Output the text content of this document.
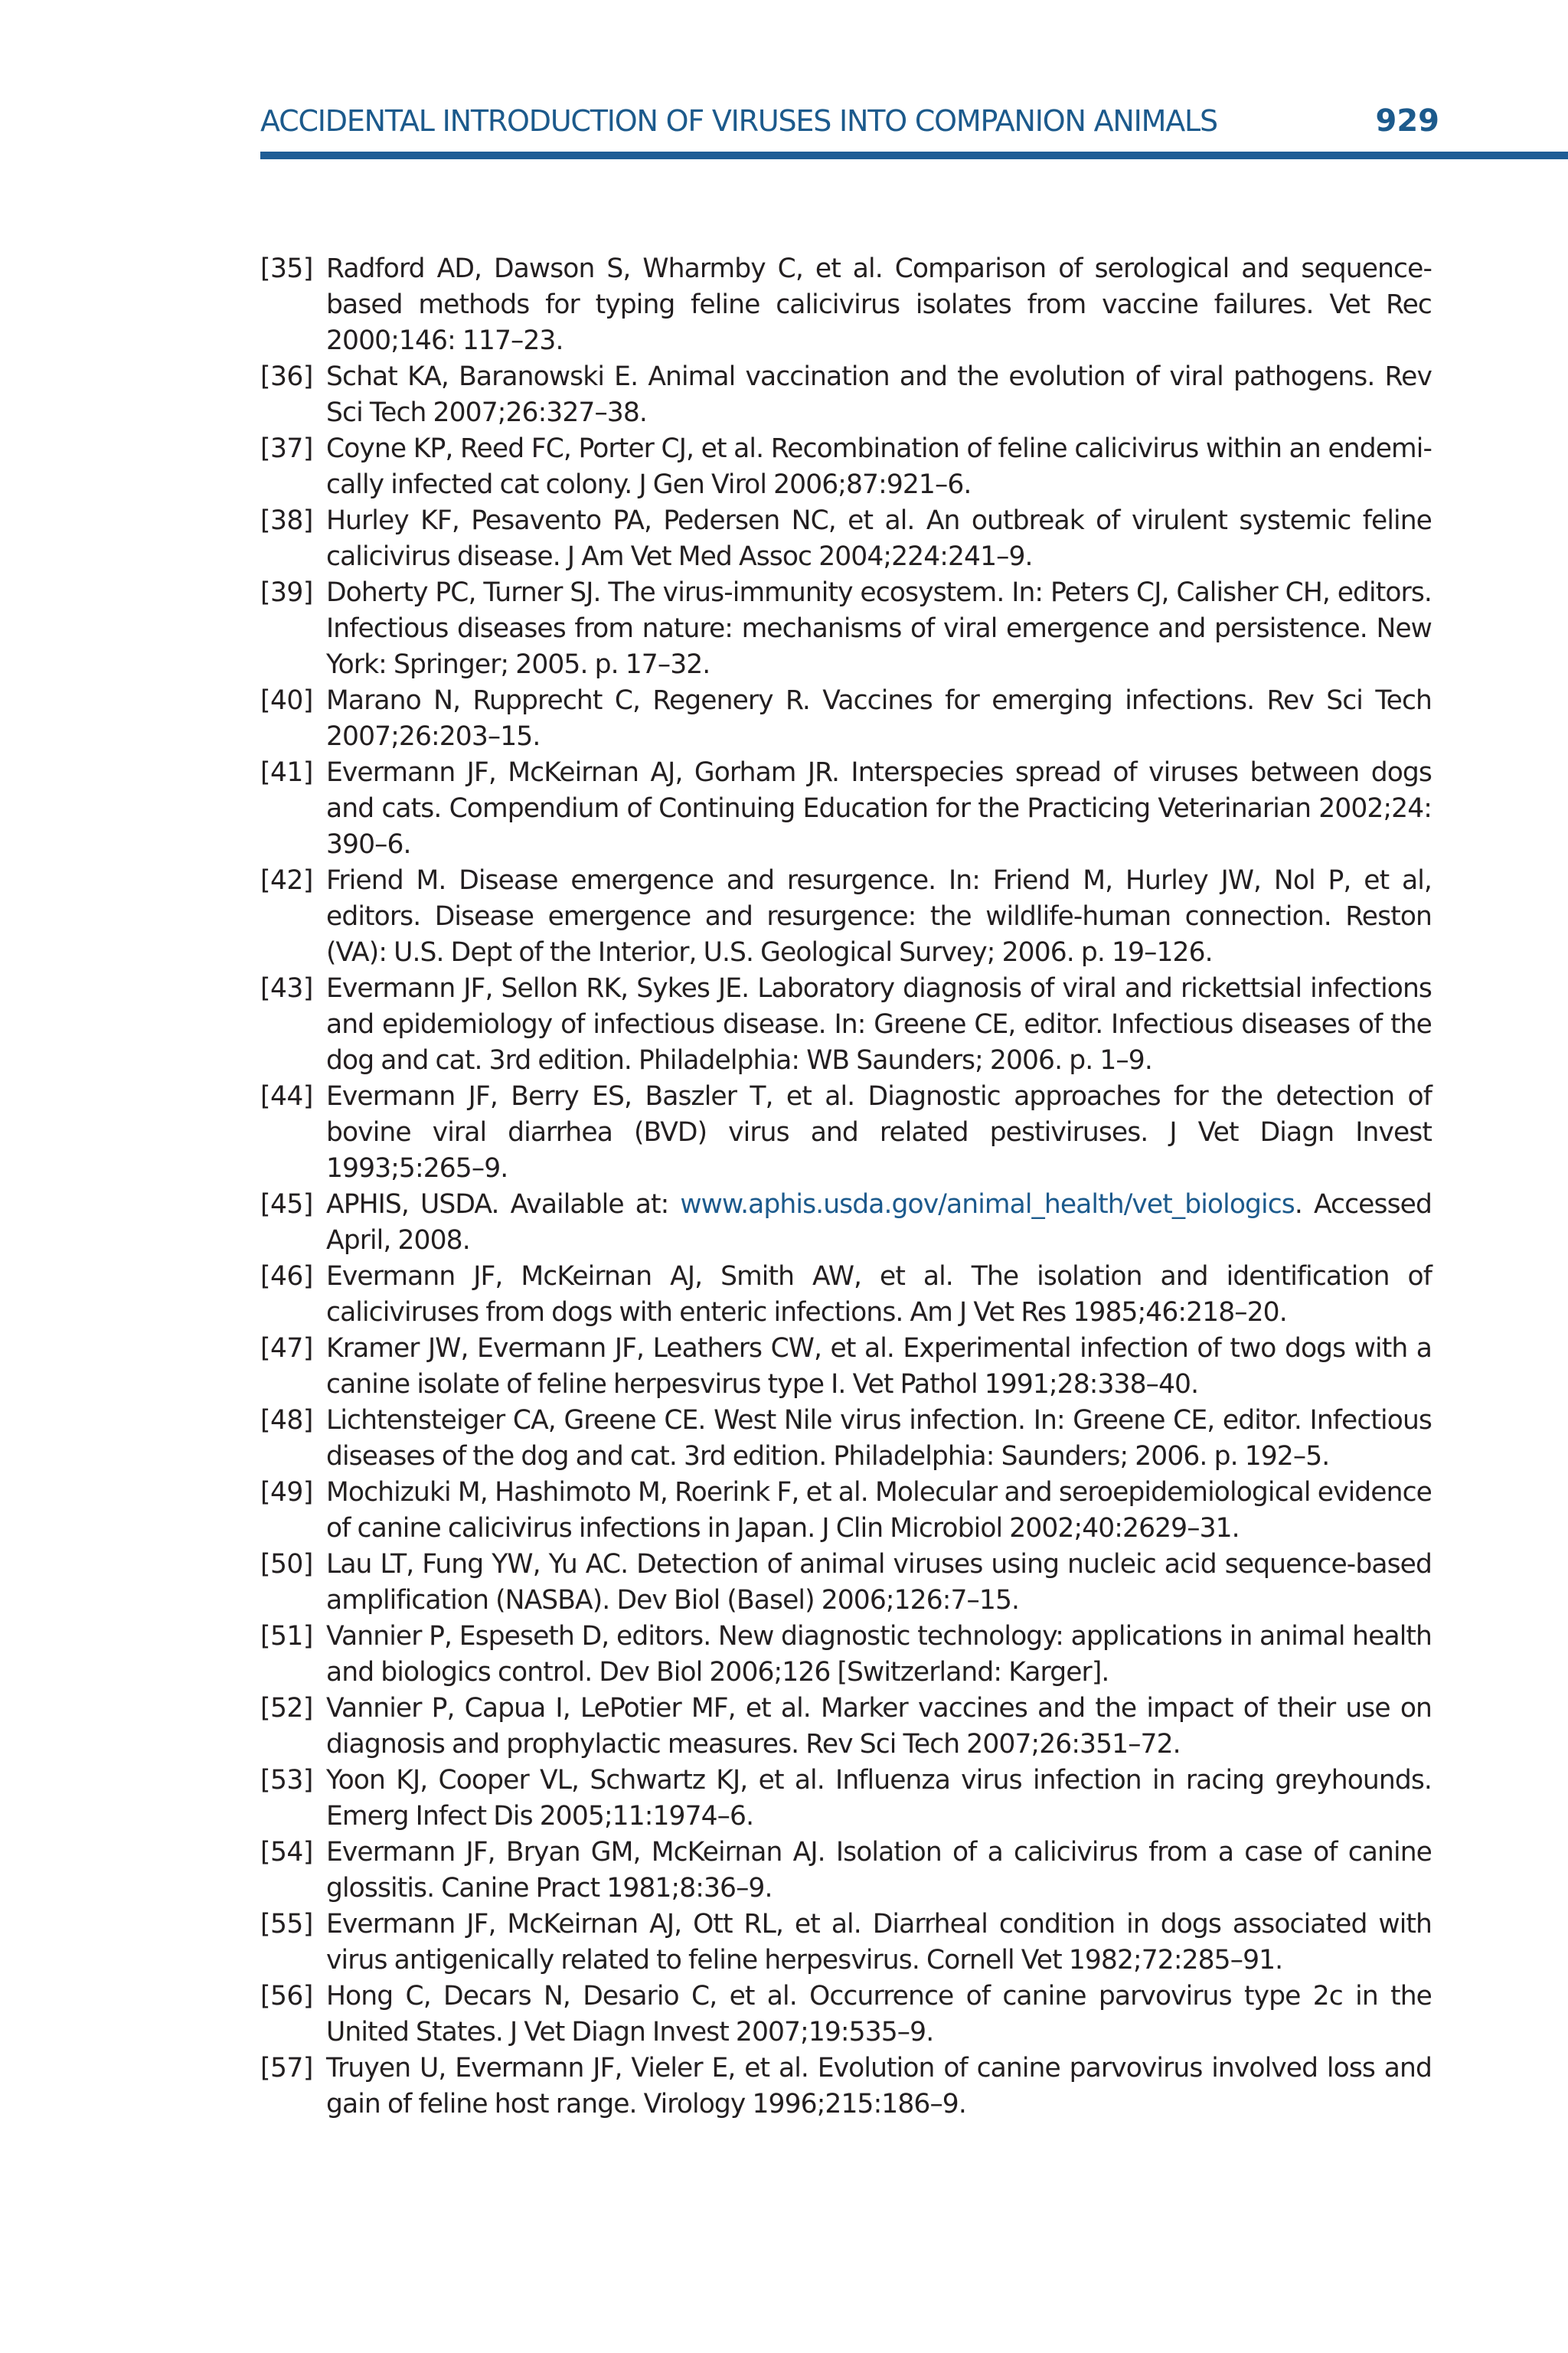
ACCIDENTAL INTRODUCTION OF VIRUSES INTO COMPANION ANIMALS	929
[35] Radford AD, Dawson S, Wharmby C, et al. Comparison of serological and sequence-based methods for typing feline calicivirus isolates from vaccine failures. Vet Rec 2000;146: 117–23.
[36] Schat KA, Baranowski E. Animal vaccination and the evolution of viral pathogens. Rev Sci Tech 2007;26:327–38.
[37] Coyne KP, Reed FC, Porter CJ, et al. Recombination of feline calicivirus within an endemi-cally infected cat colony. J Gen Virol 2006;87:921–6.
[38] Hurley KF, Pesavento PA, Pedersen NC, et al. An outbreak of virulent systemic feline calicivirus disease. J Am Vet Med Assoc 2004;224:241–9.
[39] Doherty PC, Turner SJ. The virus-immunity ecosystem. In: Peters CJ, Calisher CH, editors. Infectious diseases from nature: mechanisms of viral emergence and persistence. New York: Springer; 2005. p. 17–32.
[40] Marano N, Rupprecht C, Regenery R. Vaccines for emerging infections. Rev Sci Tech 2007;26:203–15.
[41] Evermann JF, McKeirnan AJ, Gorham JR. Interspecies spread of viruses between dogs and cats. Compendium of Continuing Education for the Practicing Veterinarian 2002;24: 390–6.
[42] Friend M. Disease emergence and resurgence. In: Friend M, Hurley JW, Nol P, et al, editors. Disease emergence and resurgence: the wildlife-human connection. Reston (VA): U.S. Dept of the Interior, U.S. Geological Survey; 2006. p. 19–126.
[43] Evermann JF, Sellon RK, Sykes JE. Laboratory diagnosis of viral and rickettsial infections and epidemiology of infectious disease. In: Greene CE, editor. Infectious diseases of the dog and cat. 3rd edition. Philadelphia: WB Saunders; 2006. p. 1–9.
[44] Evermann JF, Berry ES, Baszler T, et al. Diagnostic approaches for the detection of bovine viral diarrhea (BVD) virus and related pestiviruses. J Vet Diagn Invest 1993;5:265–9.
[45] APHIS, USDA. Available at: www.aphis.usda.gov/animal_health/vet_biologics. Accessed April, 2008.
[46] Evermann JF, McKeirnan AJ, Smith AW, et al. The isolation and identification of caliciviruses from dogs with enteric infections. Am J Vet Res 1985;46:218–20.
[47] Kramer JW, Evermann JF, Leathers CW, et al. Experimental infection of two dogs with a canine isolate of feline herpesvirus type I. Vet Pathol 1991;28:338–40.
[48] Lichtensteiger CA, Greene CE. West Nile virus infection. In: Greene CE, editor. Infectious diseases of the dog and cat. 3rd edition. Philadelphia: Saunders; 2006. p. 192–5.
[49] Mochizuki M, Hashimoto M, Roerink F, et al. Molecular and seroepidemiological evidence of canine calicivirus infections in Japan. J Clin Microbiol 2002;40:2629–31.
[50] Lau LT, Fung YW, Yu AC. Detection of animal viruses using nucleic acid sequence-based amplification (NASBA). Dev Biol (Basel) 2006;126:7–15.
[51] Vannier P, Espeseth D, editors. New diagnostic technology: applications in animal health and biologics control. Dev Biol 2006;126 [Switzerland: Karger].
[52] Vannier P, Capua I, LePotier MF, et al. Marker vaccines and the impact of their use on diagnosis and prophylactic measures. Rev Sci Tech 2007;26:351–72.
[53] Yoon KJ, Cooper VL, Schwartz KJ, et al. Influenza virus infection in racing greyhounds. Emerg Infect Dis 2005;11:1974–6.
[54] Evermann JF, Bryan GM, McKeirnan AJ. Isolation of a calicivirus from a case of canine glossitis. Canine Pract 1981;8:36–9.
[55] Evermann JF, McKeirnan AJ, Ott RL, et al. Diarrheal condition in dogs associated with virus antigenically related to feline herpesvirus. Cornell Vet 1982;72:285–91.
[56] Hong C, Decars N, Desario C, et al. Occurrence of canine parvovirus type 2c in the United States. J Vet Diagn Invest 2007;19:535–9.
[57] Truyen U, Evermann JF, Vieler E, et al. Evolution of canine parvovirus involved loss and gain of feline host range. Virology 1996;215:186–9.
